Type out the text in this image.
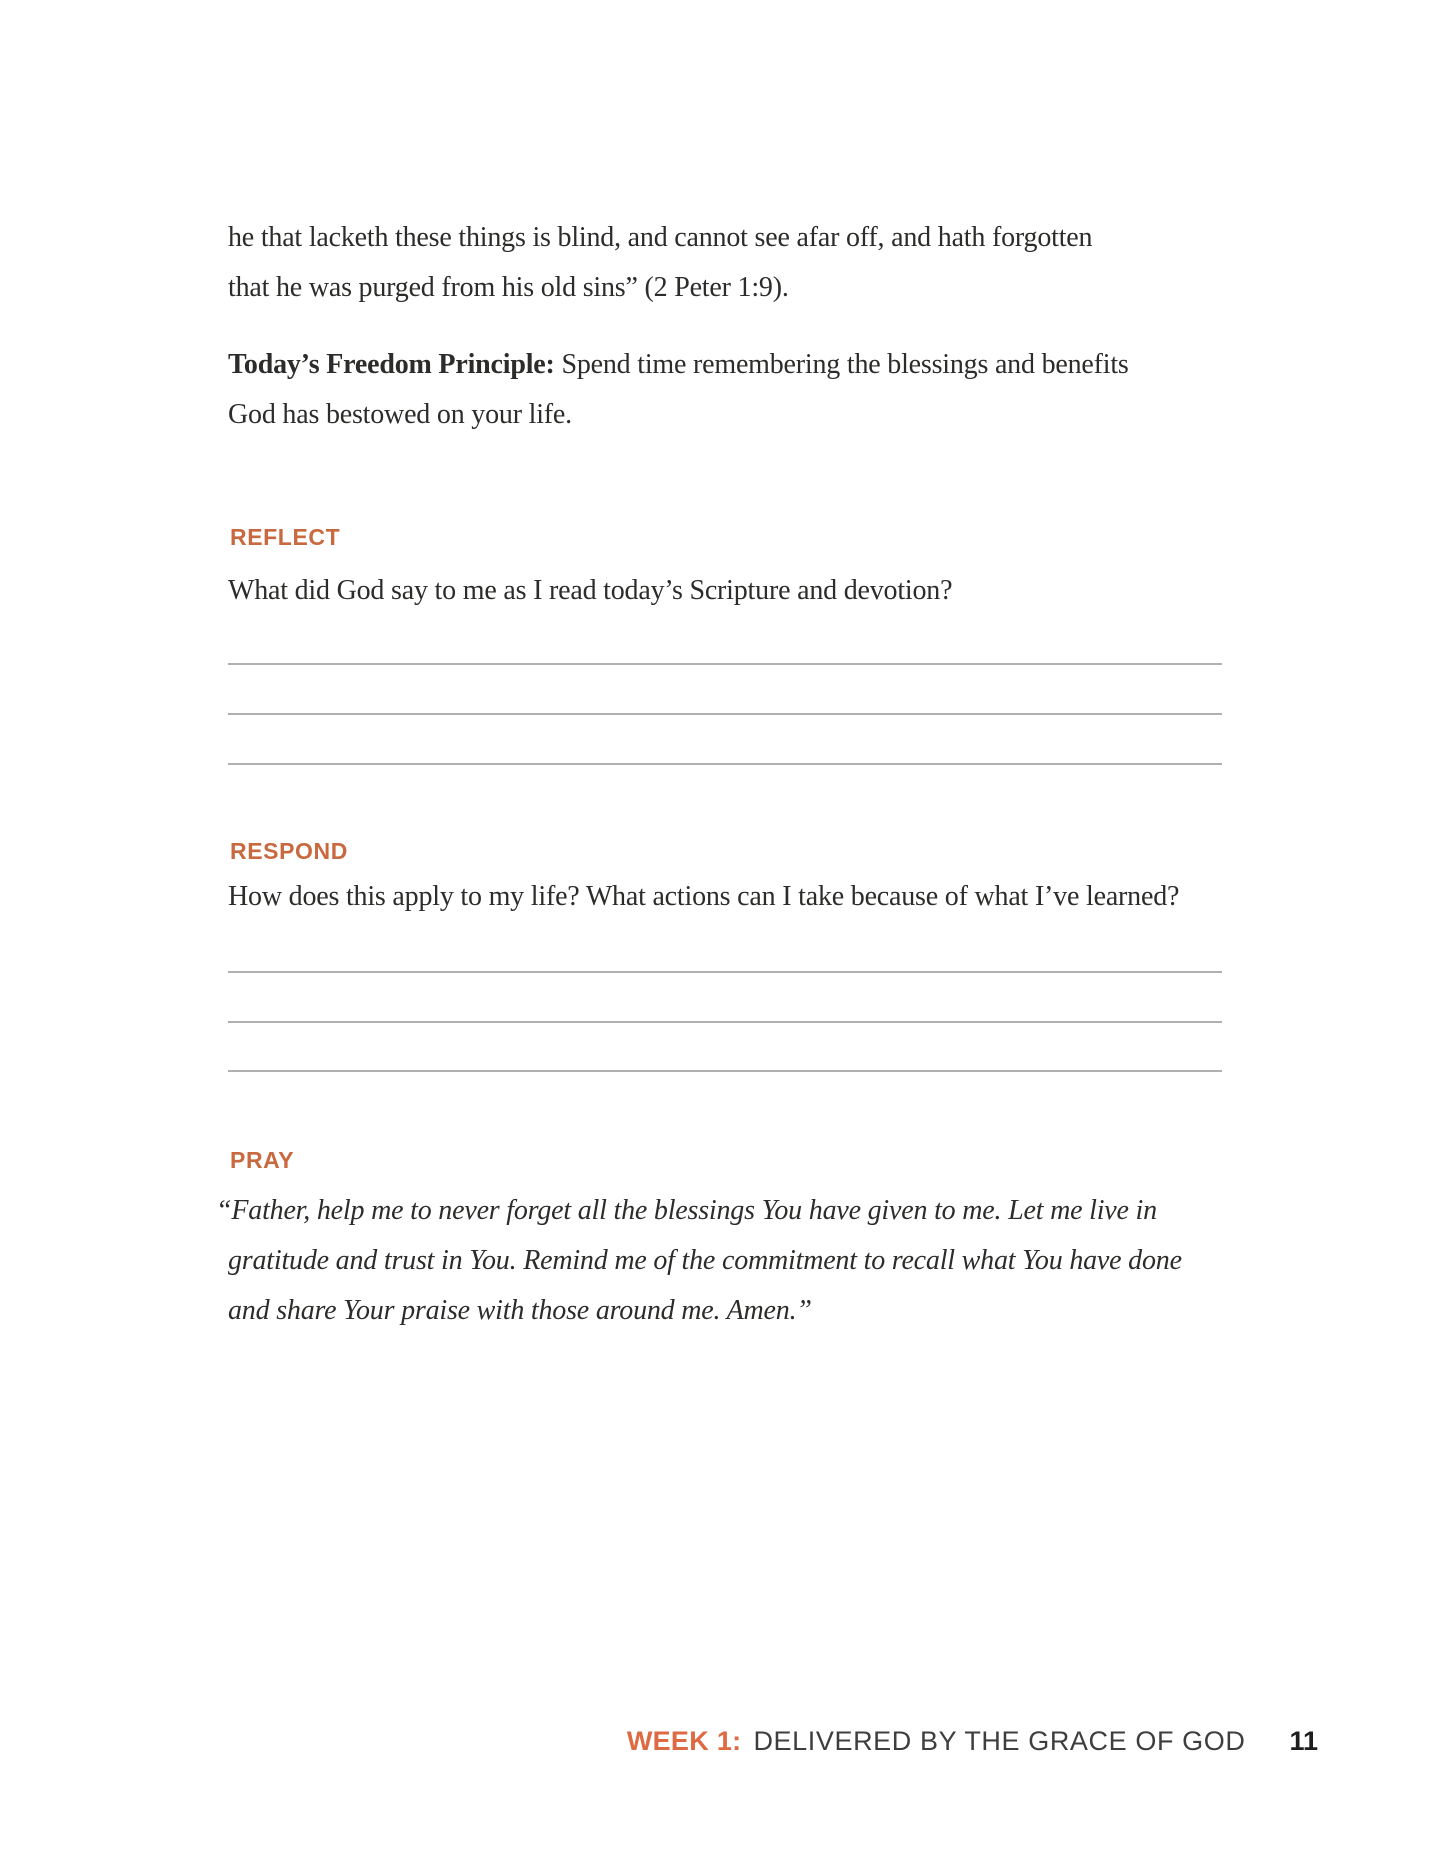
he that lacketh these things is blind, and cannot see afar off, and hath forgotten
that he was purged from his old sins” (2 Peter 1:9).
Today’s Freedom Principle: Spend time remembering the blessings and benefits
God has bestowed on your life.
REFLECT
What did God say to me as I read today’s Scripture and devotion?
RESPOND
How does this apply to my life? What actions can I take because of what I’ve learned?
PRAY
“Father, help me to never forget all the blessings You have given to me. Let me live in
gratitude and trust in You. Remind me of the commitment to recall what You have done
and share Your praise with those around me. Amen.”
WEEK 1: DELIVERED BY THE GRACE OF GOD 11
